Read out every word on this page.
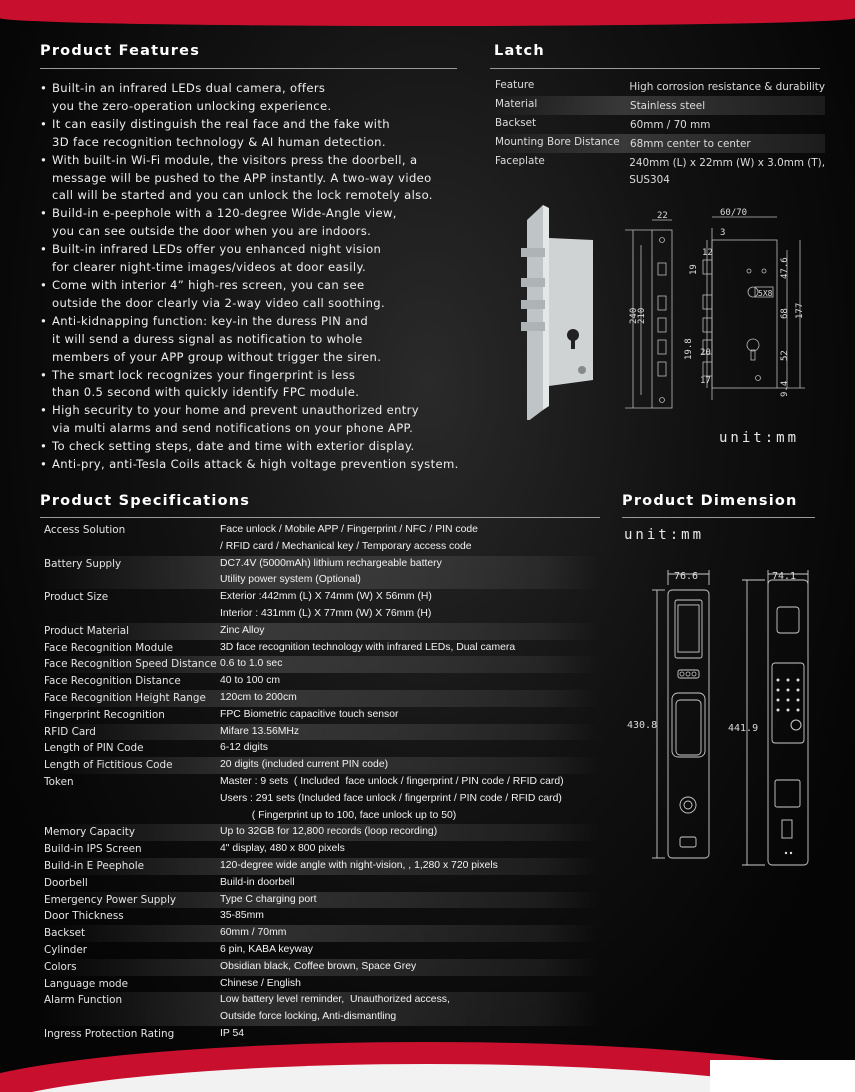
Product Features
• Built-in an infrared LEDs dual camera, offers
you the zero-operation unlocking experience.
• It can easily distinguish the real face and the fake with
3D face recognition technology & AI human detection.
• With built-in Wi-Fi module, the visitors press the doorbell, a
message will be pushed to the APP instantly. A two-way video
call will be started and you can unlock the lock remotely also.
• Build-in e-peephole with a 120-degree Wide-Angle view,
you can see outside the door when you are indoors.
• Built-in infrared LEDs offer you enhanced night vision
for clearer night-time images/videos at door easily.
• Come with interior 4” high-res screen, you can see
outside the door clearly via 2-way video call soothing.
• Anti-kidnapping function: key-in the duress PIN and
it will send a duress signal as notification to whole
members of your APP group without trigger the siren.
• The smart lock recognizes your fingerprint is less
than 0.5 second with quickly identify FPC module.
• High security to your home and prevent unauthorized entry
via multi alarms and send notifications on your phone APP.
• To check setting steps, date and time with exterior display.
• Anti-pry, anti-Tesla Coils attack & high voltage prevention system.
Latch
Feature	High corrosion resistance & durability
Material	Stainless steel
Backset	60mm / 70 mm
Mounting Bore Distance 68mm center to center
Faceplate	240mm (L) x 22mm (W) x 3.0mm (T),
SUS304
22	60/70
3
12
19	47.6
5X8
240
210	68 177
19.8 20	52
17	9.4
unit:mm
Product Specifications
Access Solution	Face unlock / Mobile APP / Fingerprint / NFC / PIN code
/ RFID card / Mechanical key / Temporary access code
Battery Supply	DC7.4V (5000mAh) lithium rechargeable battery
Utility power system (Optional)
Product Size	Exterior :442mm (L) X 74mm (W) X 56mm (H)
Interior : 431mm (L) X 77mm (W) X 76mm (H)
Product Material	Zinc Alloy
Face Recognition Module	3D face recognition technology with infrared LEDs, Dual camera
Face Recognition Speed Distance 0.6 to 1.0 sec
Face Recognition Distance	40 to 100 cm
Face Recognition Height Range	120cm to 200cm
Fingerprint Recognition	FPC Biometric capacitive touch sensor
RFID Card	Mifare 13.56MHz
Length of PIN Code	6-12 digits
Length of Fictitious Code	20 digits (included current PIN code)
Token	Master : 9 sets  ( Included  face unlock / fingerprint / PIN code / RFID card)
Users : 291 sets (Included face unlock / fingerprint / PIN code / RFID card)
( Fingerprint up to 100, face unlock up to 50)
Memory Capacity	Up to 32GB for 12,800 records (loop recording)
Build-in IPS Screen	4" display, 480 x 800 pixels
Build-in E Peephole	120-degree wide angle with night-vision, , 1,280 x 720 pixels
Doorbell	Build-in doorbell
Emergency Power Supply	Type C charging port
Door Thickness	35-85mm
Backset	60mm / 70mm
Cylinder	6 pin, KABA keyway
Colors	Obsidian black, Coffee brown, Space Grey
Language mode	Chinese / English
Alarm Function	Low battery level reminder,  Unauthorized access,
Outside force locking, Anti-dismantling
Ingress Protection Rating	IP 54
Product Dimension
unit:mm
76.6	74.1
430.8	441.9
